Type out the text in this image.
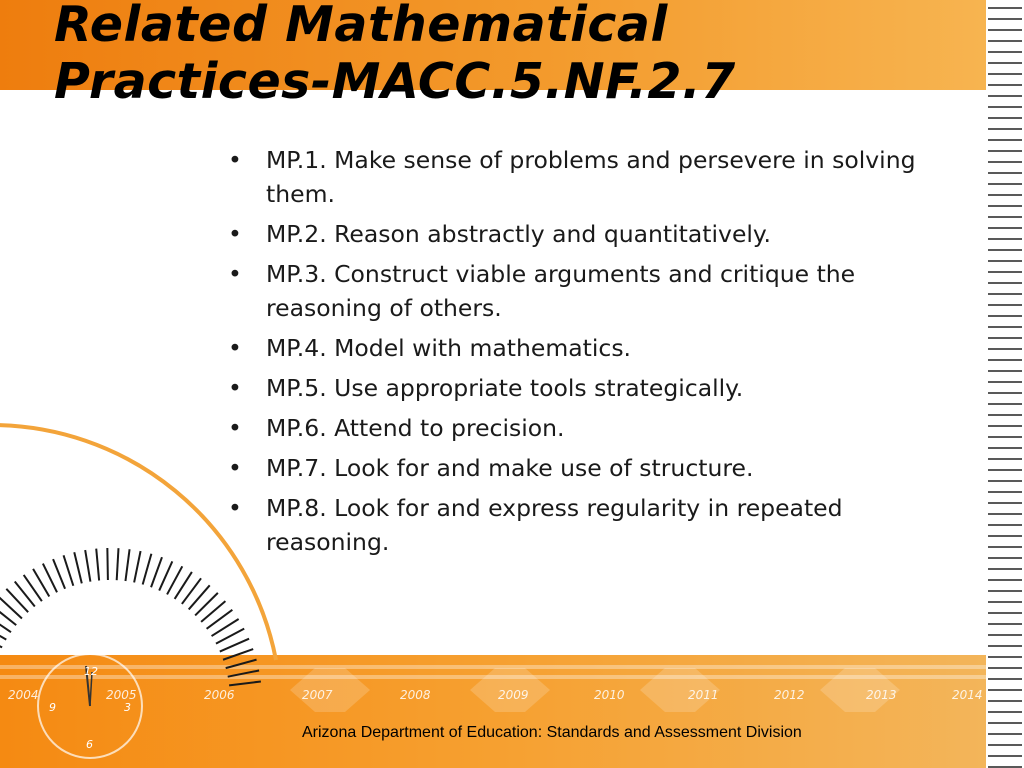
12
3
6
9
2004	2005	2006	2007	2008	2009	2010	2011	2012	2013	2014
Related Mathematical
Practices-MACC.5.NF.2.7
• MP.1. Make sense of problems and persevere in solving them.
• MP.2. Reason abstractly and quantitatively.
• MP.3. Construct viable arguments and critique the reasoning of others.
• MP.4. Model with mathematics.
• MP.5. Use appropriate tools strategically.
• MP.6. Attend to precision.
• MP.7. Look for and make use of structure.
• MP.8. Look for and express regularity in repeated reasoning.
Arizona Department of Education: Standards and Assessment Division
